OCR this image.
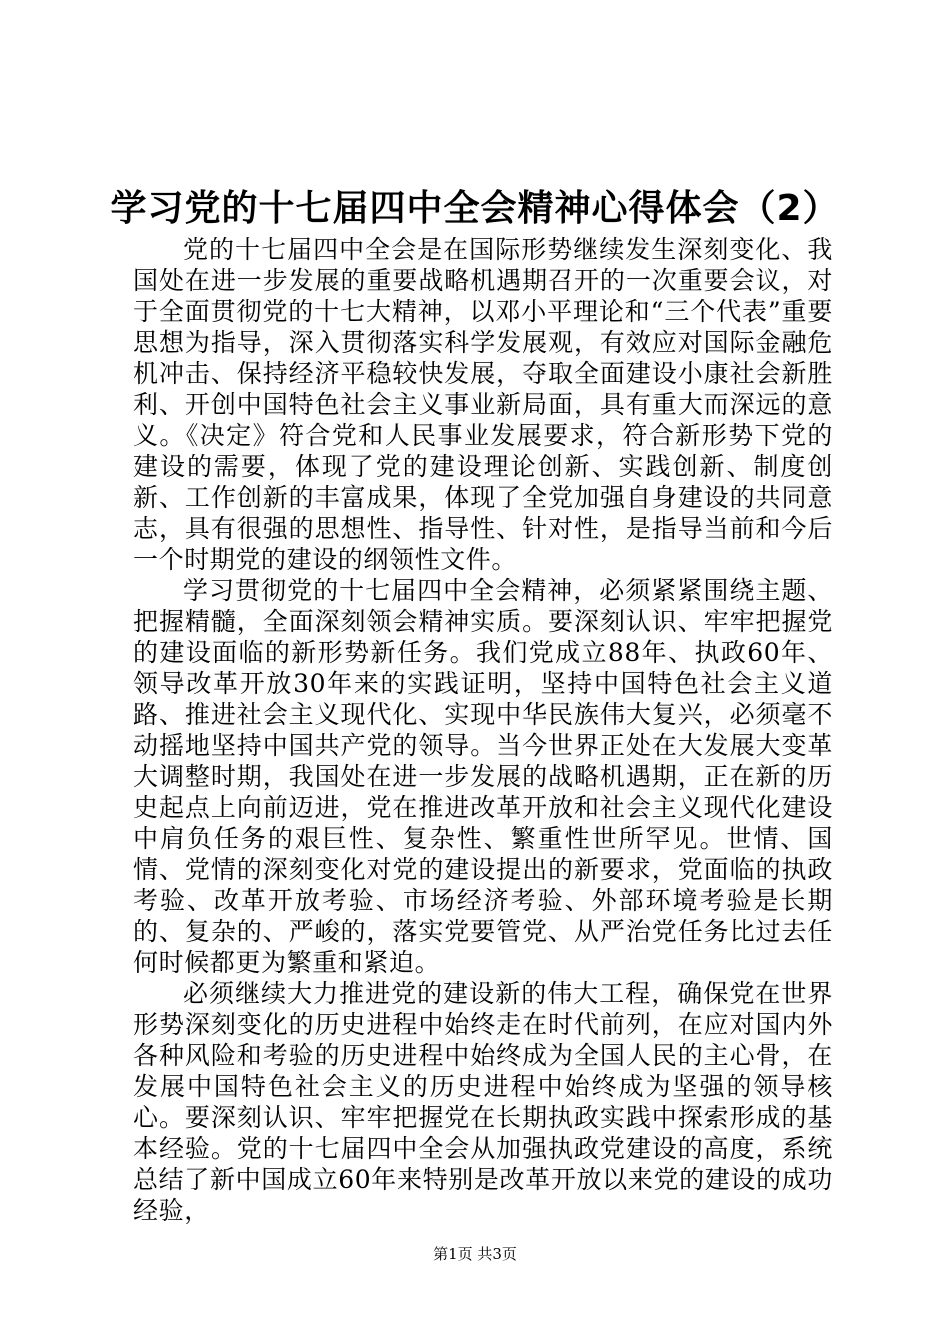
学习党的十七届四中全会精神心得体会（2）

党的十七届四中全会是在国际形势继续发生深刻变化、我国处在进一步发展的重要战略机遇期召开的一次重要会议，对于全面贯彻党的十七大精神，以邓小平理论和“三个代表”重要思想为指导，深入贯彻落实科学发展观，有效应对国际金融危机冲击、保持经济平稳较快发展，夺取全面建设小康社会新胜利、开创中国特色社会主义事业新局面，具有重大而深远的意义。《决定》符合党和人民事业发展要求，符合新形势下党的建设的需要，体现了党的建设理论创新、实践创新、制度创新、工作创新的丰富成果，体现了全党加强自身建设的共同意志，具有很强的思想性、指导性、针对性，是指导当前和今后一个时期党的建设的纲领性文件。

学习贯彻党的十七届四中全会精神，必须紧紧围绕主题、把握精髓，全面深刻领会精神实质。要深刻认识、牢牢把握党的建设面临的新形势新任务。我们党成立88年、执政60年、领导改革开放30年来的实践证明，坚持中国特色社会主义道路、推进社会主义现代化、实现中华民族伟大复兴，必须毫不动摇地坚持中国共产党的领导。当今世界正处在大发展大变革大调整时期，我国处在进一步发展的战略机遇期，正在新的历史起点上向前迈进，党在推进改革开放和社会主义现代化建设中肩负任务的艰巨性、复杂性、繁重性世所罕见。世情、国情、党情的深刻变化对党的建设提出的新要求，党面临的执政考验、改革开放考验、市场经济考验、外部环境考验是长期的、复杂的、严峻的，落实党要管党、从严治党任务比过去任何时候都更为繁重和紧迫。

必须继续大力推进党的建设新的伟大工程，确保党在世界形势深刻变化的历史进程中始终走在时代前列，在应对国内外各种风险和考验的历史进程中始终成为全国人民的主心骨，在发展中国特色社会主义的历史进程中始终成为坚强的领导核心。要深刻认识、牢牢把握党在长期执政实践中探索形成的基本经验。党的十七届四中全会从加强执政党建设的高度，系统总结了新中国成立60年来特别是改革开放以来党的建设的成功经验，

第1页 共3页
